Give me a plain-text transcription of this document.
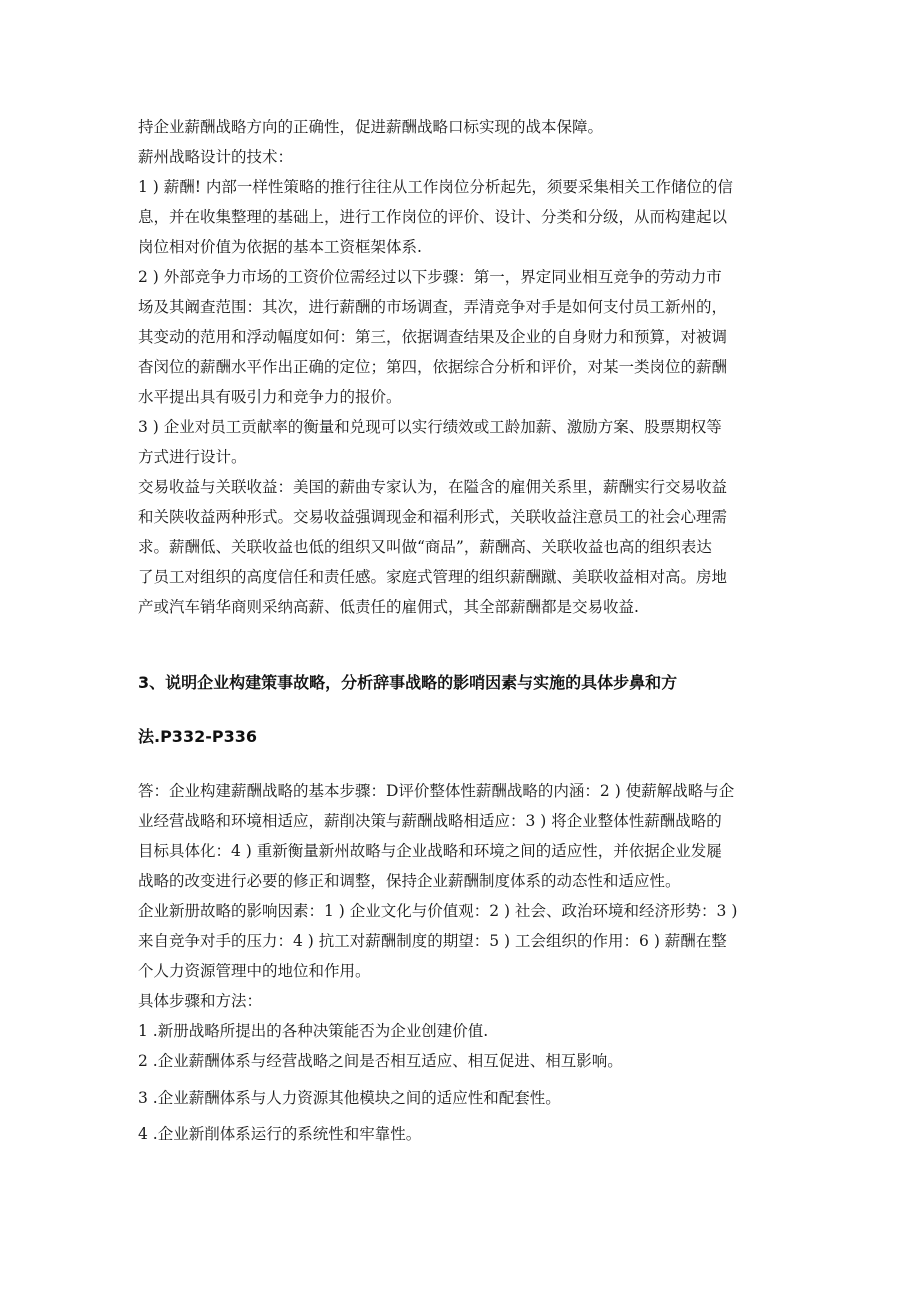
持企业薪酬战略方向的正确性，促进薪酬战略口标实现的战本保障。
薪州战略设计的技术：
1 ) 薪酬! 内部一样性策略的推行往往从工作岗位分析起先，须要采集相关工作储位的信
息，并在收集整理的基础上，进行工作岗位的评价、设计、分类和分级，从而构建起以
岗位相对价值为依据的基本工资框架体系.
2 ) 外部竞争力市场的工资价位需经过以下步骤：第一，界定同业相互竞争的劳动力市
场及其阚查范围：其次，进行薪酬的市场调查，弄清竞争对手是如何支付员工新州的，
其变动的范用和浮动幅度如何：第三，依据调查结果及企业的自身财力和预算，对被调
杳闵位的薪酬水平作出正确的定位；第四，依据综合分析和评价，对某一类岗位的薪酬
水平提出具有吸引力和竞争力的报价。
3 ) 企业对员工贡献率的衡量和兑现可以实行绩效或工龄加薪、激励方案、股票期权等
方式进行设计。
交易收益与关联收益：美国的薪曲专家认为，在隘含的雇佣关系里，薪酬实行交易收益
和关陕收益两种形式。交易收益强调现金和福利形式，关联收益注意员工的社会心理需
求。薪酬低、关联收益也低的组织又叫做“商品”，薪酬高、关联收益也高的组织表达
了员工对组织的高度信任和责任感。家庭式管理的组织薪酬蹴、美联收益相对高。房地
产或汽车销华商则采纳高薪、低责任的雇佣式，其全部薪酬都是交易收益.
3、说明企业构建策事故略，分析辞事战略的影哨因素与实施的具体步鼻和方
法.P332-P336
答：企业构建薪酬战略的基本步骤：D评价整体性薪酬战略的内涵：2 ) 使薪解战略与企
业经营战略和环境相适应，薪削决策与薪酬战略相适应：3 ) 将企业整体性薪酬战略的
目标具体化：4 ) 重新衡量新州故略与企业战略和环境之间的适应性，并依据企业发屣
战略的改变进行必要的修正和调整，保持企业薪酬制度体系的动态性和适应性。
企业新册故略的影响因素：1 ) 企业文化与价值观：2 ) 社会、政治环境和经济形势：3 )
来自竞争对手的压力：4 ) 抗工对薪酬制度的期望：5 ) 工会组织的作用：6 ) 薪酬在整
个人力资源管理中的地位和作用。
具体步骤和方法：
1 .新册战略所提出的各种决策能否为企业创建价值.
2 .企业薪酬体系与经营战略之间是否相互适应、相互促进、相互影响。
3 .企业薪酬体系与人力资源其他模块之间的适应性和配套性。
4 .企业新削体系运行的系统性和牢靠性。
